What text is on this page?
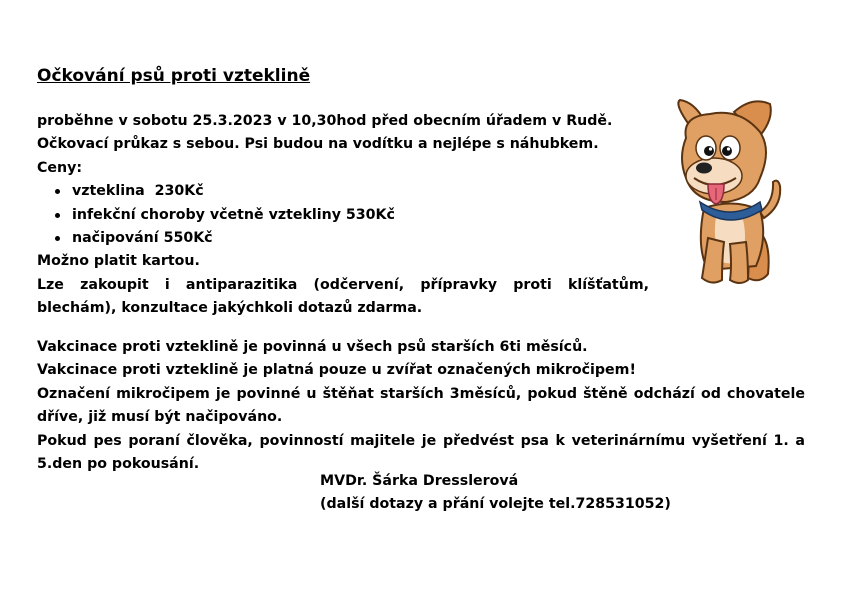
Očkování psů proti vzteklině
proběhne v sobotu 25.3.2023 v 10,30hod před obecním úřadem v Rudě.
Očkovací průkaz s sebou. Psi budou na vodítku a nejlépe s náhubkem.
Ceny:
vzteklina  230Kč
infekční choroby včetně vztekliny 530Kč
načipování 550Kč
Možno platit kartou.
Lze zakoupit i antiparazitika (odčervení, přípravky proti klíšťatům, blechám), konzultace jakýchkoli dotazů zdarma.
Vakcinace proti vzteklině je povinná u všech psů starších 6ti měsíců.
Vakcinace proti vzteklině je platná pouze u zvířat označených mikročipem!
Označení mikročipem je povinné u štěňat starších 3měsíců, pokud štěně odchází od chovatele dříve, již musí být načipováno.
Pokud pes poraní člověka, povinností majitele je předvést psa k veterinárnímu vyšetření 1. a 5.den po pokousání.
MVDr. Šárka Dresslerová
(další dotazy a přání volejte tel.728531052)
